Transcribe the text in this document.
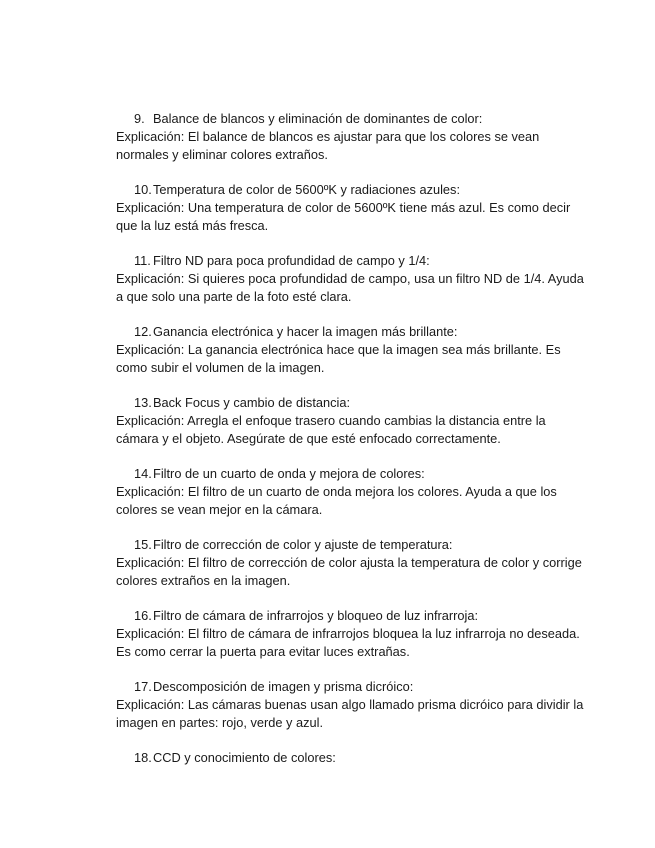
9. Balance de blancos y eliminación de dominantes de color:

Explicación: El balance de blancos es ajustar para que los colores se vean normales y eliminar colores extraños.

10. Temperatura de color de 5600ºK y radiaciones azules:

Explicación: Una temperatura de color de 5600ºK tiene más azul. Es como decir que la luz está más fresca.

11. Filtro ND para poca profundidad de campo y 1/4:

Explicación: Si quieres poca profundidad de campo, usa un filtro ND de 1/4. Ayuda a que solo una parte de la foto esté clara.

12. Ganancia electrónica y hacer la imagen más brillante:

Explicación: La ganancia electrónica hace que la imagen sea más brillante. Es como subir el volumen de la imagen.

13. Back Focus y cambio de distancia:

Explicación: Arregla el enfoque trasero cuando cambias la distancia entre la cámara y el objeto. Asegúrate de que esté enfocado correctamente.

14. Filtro de un cuarto de onda y mejora de colores:

Explicación: El filtro de un cuarto de onda mejora los colores. Ayuda a que los colores se vean mejor en la cámara.

15. Filtro de corrección de color y ajuste de temperatura:

Explicación: El filtro de corrección de color ajusta la temperatura de color y corrige colores extraños en la imagen.

16. Filtro de cámara de infrarrojos y bloqueo de luz infrarroja:

Explicación: El filtro de cámara de infrarrojos bloquea la luz infrarroja no deseada. Es como cerrar la puerta para evitar luces extrañas.

17. Descomposición de imagen y prisma dicróico:

Explicación: Las cámaras buenas usan algo llamado prisma dicróico para dividir la imagen en partes: rojo, verde y azul.

18. CCD y conocimiento de colores:
